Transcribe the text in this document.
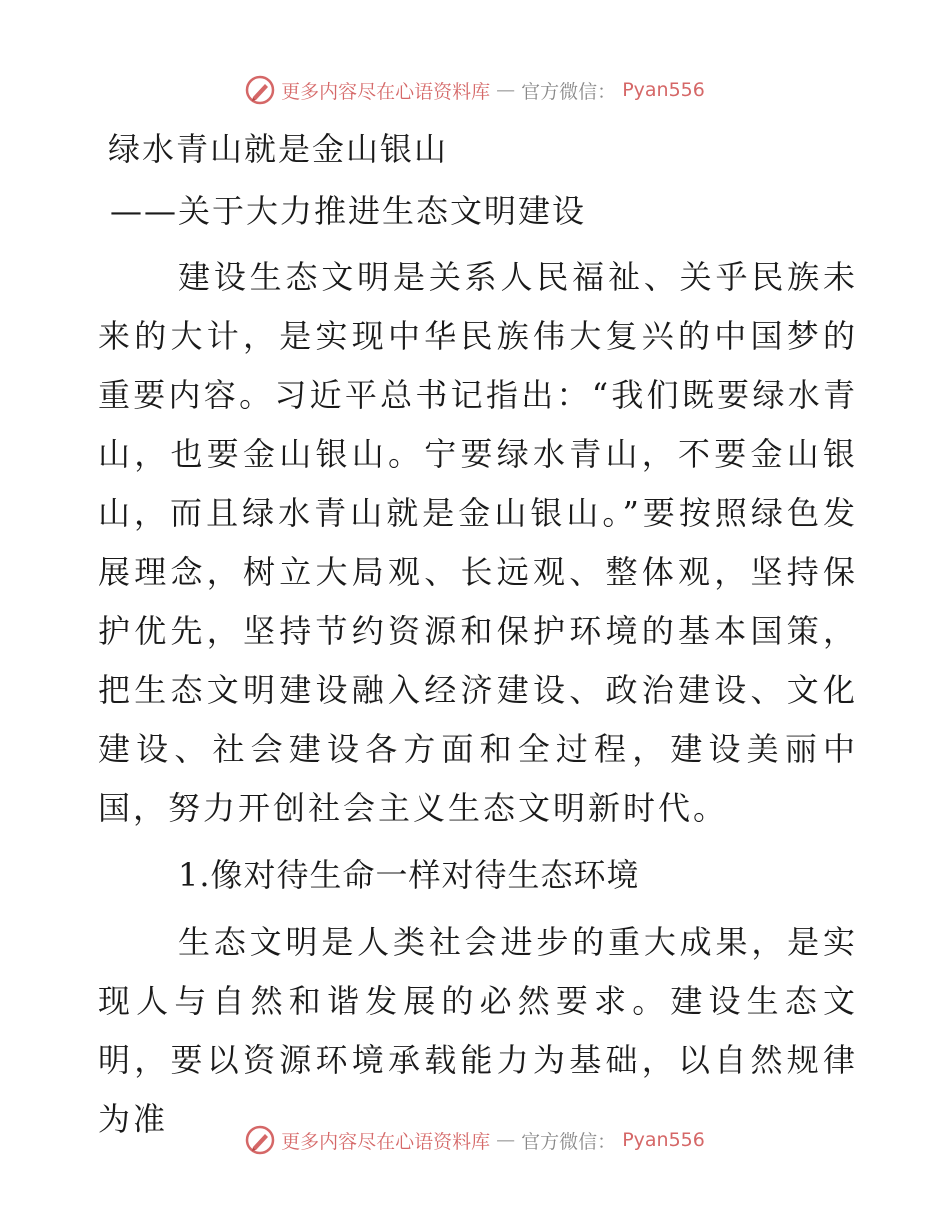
更多内容尽在心语资料库 — 官方微信： Pyan556
绿水青山就是金山银山
——关于大力推进生态文明建设

建设生态文明是关系人民福祉、关乎民族未来的大计，是实现中华民族伟大复兴的中国梦的重要内容。习近平总书记指出：“我们既要绿水青山，也要金山银山。宁要绿水青山，不要金山银山，而且绿水青山就是金山银山。”要按照绿色发展理念，树立大局观、长远观、整体观，坚持保护优先，坚持节约资源和保护环境的基本国策，把生态文明建设融入经济建设、政治建设、文化建设、社会建设各方面和全过程，建设美丽中国，努力开创社会主义生态文明新时代。

1.像对待生命一样对待生态环境

生态文明是人类社会进步的重大成果，是实现人与自然和谐发展的必然要求。建设生态文明，要以资源环境承载能力为基础，以自然规律为准

更多内容尽在心语资料库 — 官方微信： Pyan556
